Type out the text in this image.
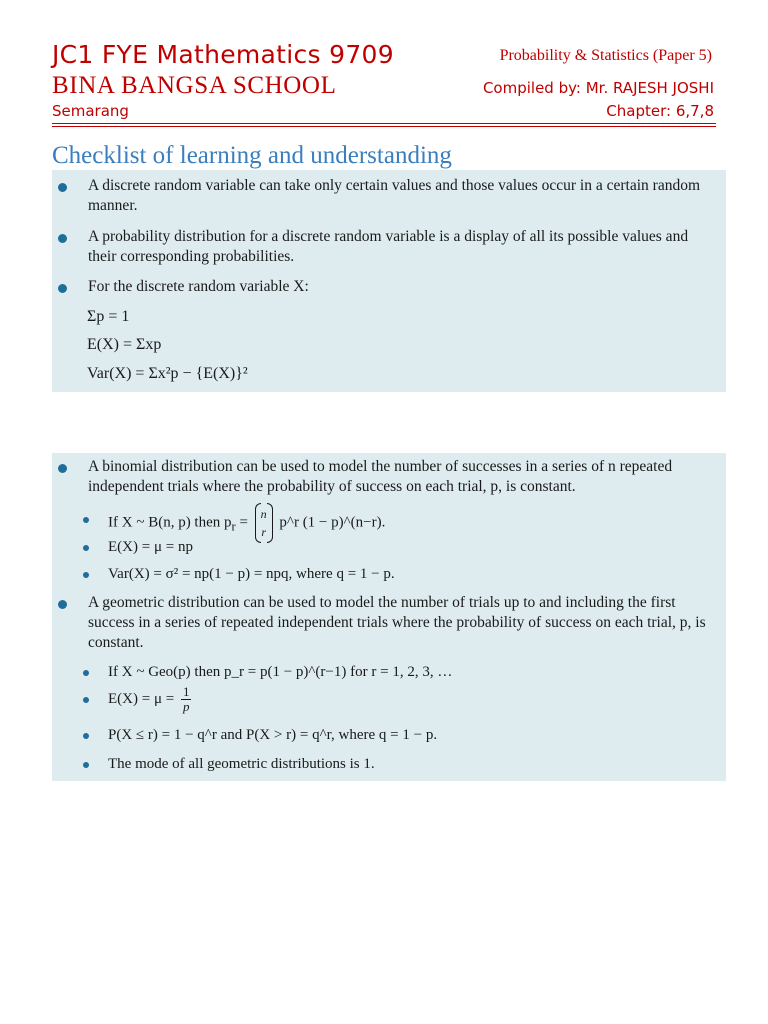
JC1 FYE Mathematics 9709
BINA BANGSA SCHOOL
Semarang
Probability & Statistics (Paper 5)
Compiled by: Mr. RAJESH JOSHI
Chapter: 6,7,8
Checklist of learning and understanding
A discrete random variable can take only certain values and those values occur in a certain random manner.
A probability distribution for a discrete random variable is a display of all its possible values and their corresponding probabilities.
For the discrete random variable X:
Σp = 1
E(X) = Σxp
Var(X) = Σx²p − {E(X)}²
A binomial distribution can be used to model the number of successes in a series of n repeated independent trials where the probability of success on each trial, p, is constant.
If X ~ B(n, p) then $p_r$ =
n
r
p^r (1 − p)^(n−r).
E(X) = μ = np
Var(X) = σ² = np(1 − p) = npq, where q = 1 − p.
A geometric distribution can be used to model the number of trials up to and including the first success in a series of repeated independent trials where the probability of success on each trial, p, is constant.
If X ~ Geo(p) then p_r = p(1 − p)^(r−1) for r = 1, 2, 3, …
$E(X) = \mu = \frac{1}{p}$
P(X ≤ r) = 1 − q^r and P(X > r) = q^r, where q = 1 − p.
The mode of all geometric distributions is 1.
